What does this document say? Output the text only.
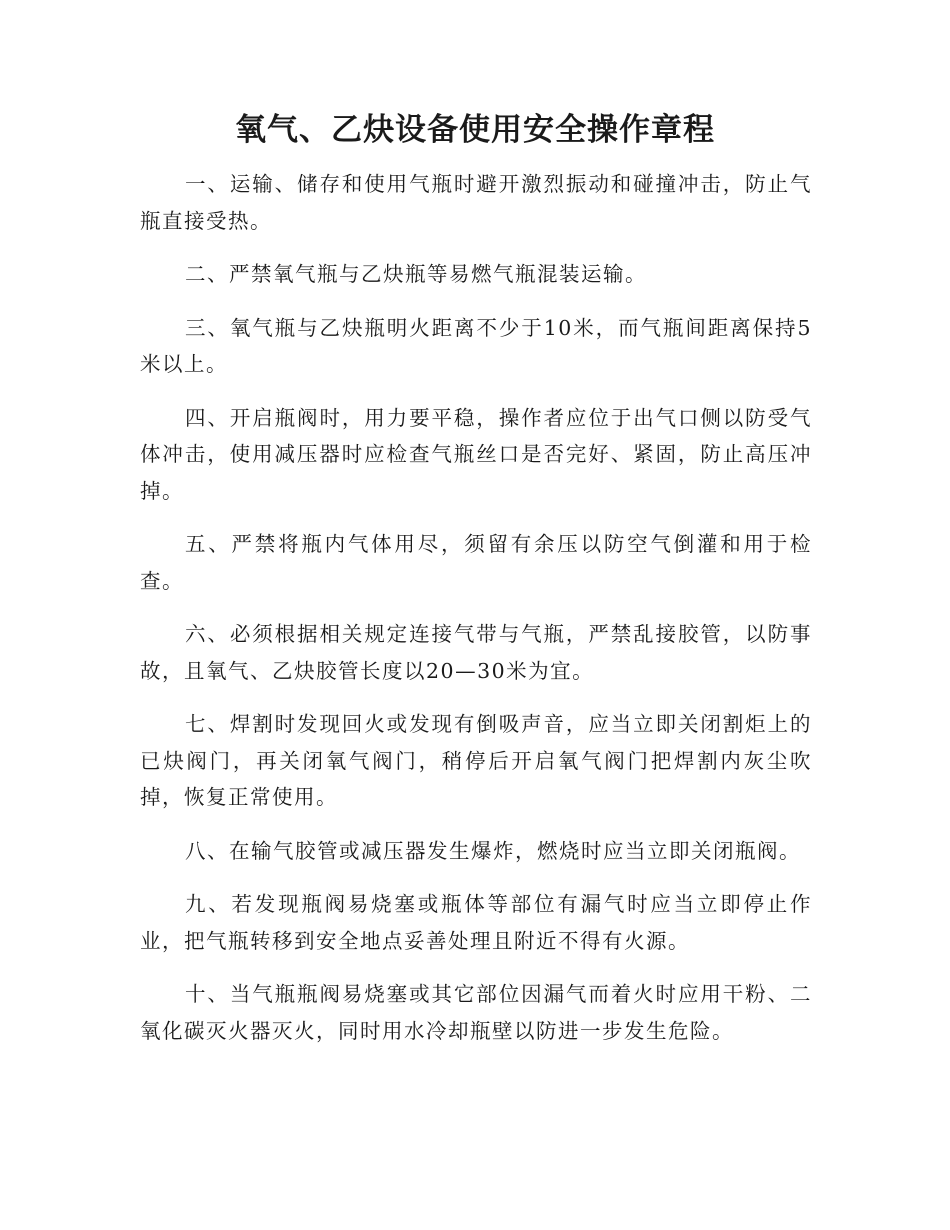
氧气、乙炔设备使用安全操作章程

一、运输、储存和使用气瓶时避开激烈振动和碰撞冲击，防止气瓶直接受热。

二、严禁氧气瓶与乙炔瓶等易燃气瓶混装运输。

三、氧气瓶与乙炔瓶明火距离不少于10米，而气瓶间距离保持5米以上。

四、开启瓶阀时，用力要平稳，操作者应位于出气口侧以防受气体冲击，使用减压器时应检查气瓶丝口是否完好、紧固，防止高压冲掉。

五、严禁将瓶内气体用尽，须留有余压以防空气倒灌和用于检查。

六、必须根据相关规定连接气带与气瓶，严禁乱接胶管，以防事故，且氧气、乙炔胶管长度以20—30米为宜。

七、焊割时发现回火或发现有倒吸声音，应当立即关闭割炬上的已炔阀门，再关闭氧气阀门，稍停后开启氧气阀门把焊割内灰尘吹掉，恢复正常使用。

八、在输气胶管或减压器发生爆炸，燃烧时应当立即关闭瓶阀。

九、若发现瓶阀易烧塞或瓶体等部位有漏气时应当立即停止作业，把气瓶转移到安全地点妥善处理且附近不得有火源。

十、当气瓶瓶阀易烧塞或其它部位因漏气而着火时应用干粉、二氧化碳灭火器灭火，同时用水冷却瓶壁以防进一步发生危险。
